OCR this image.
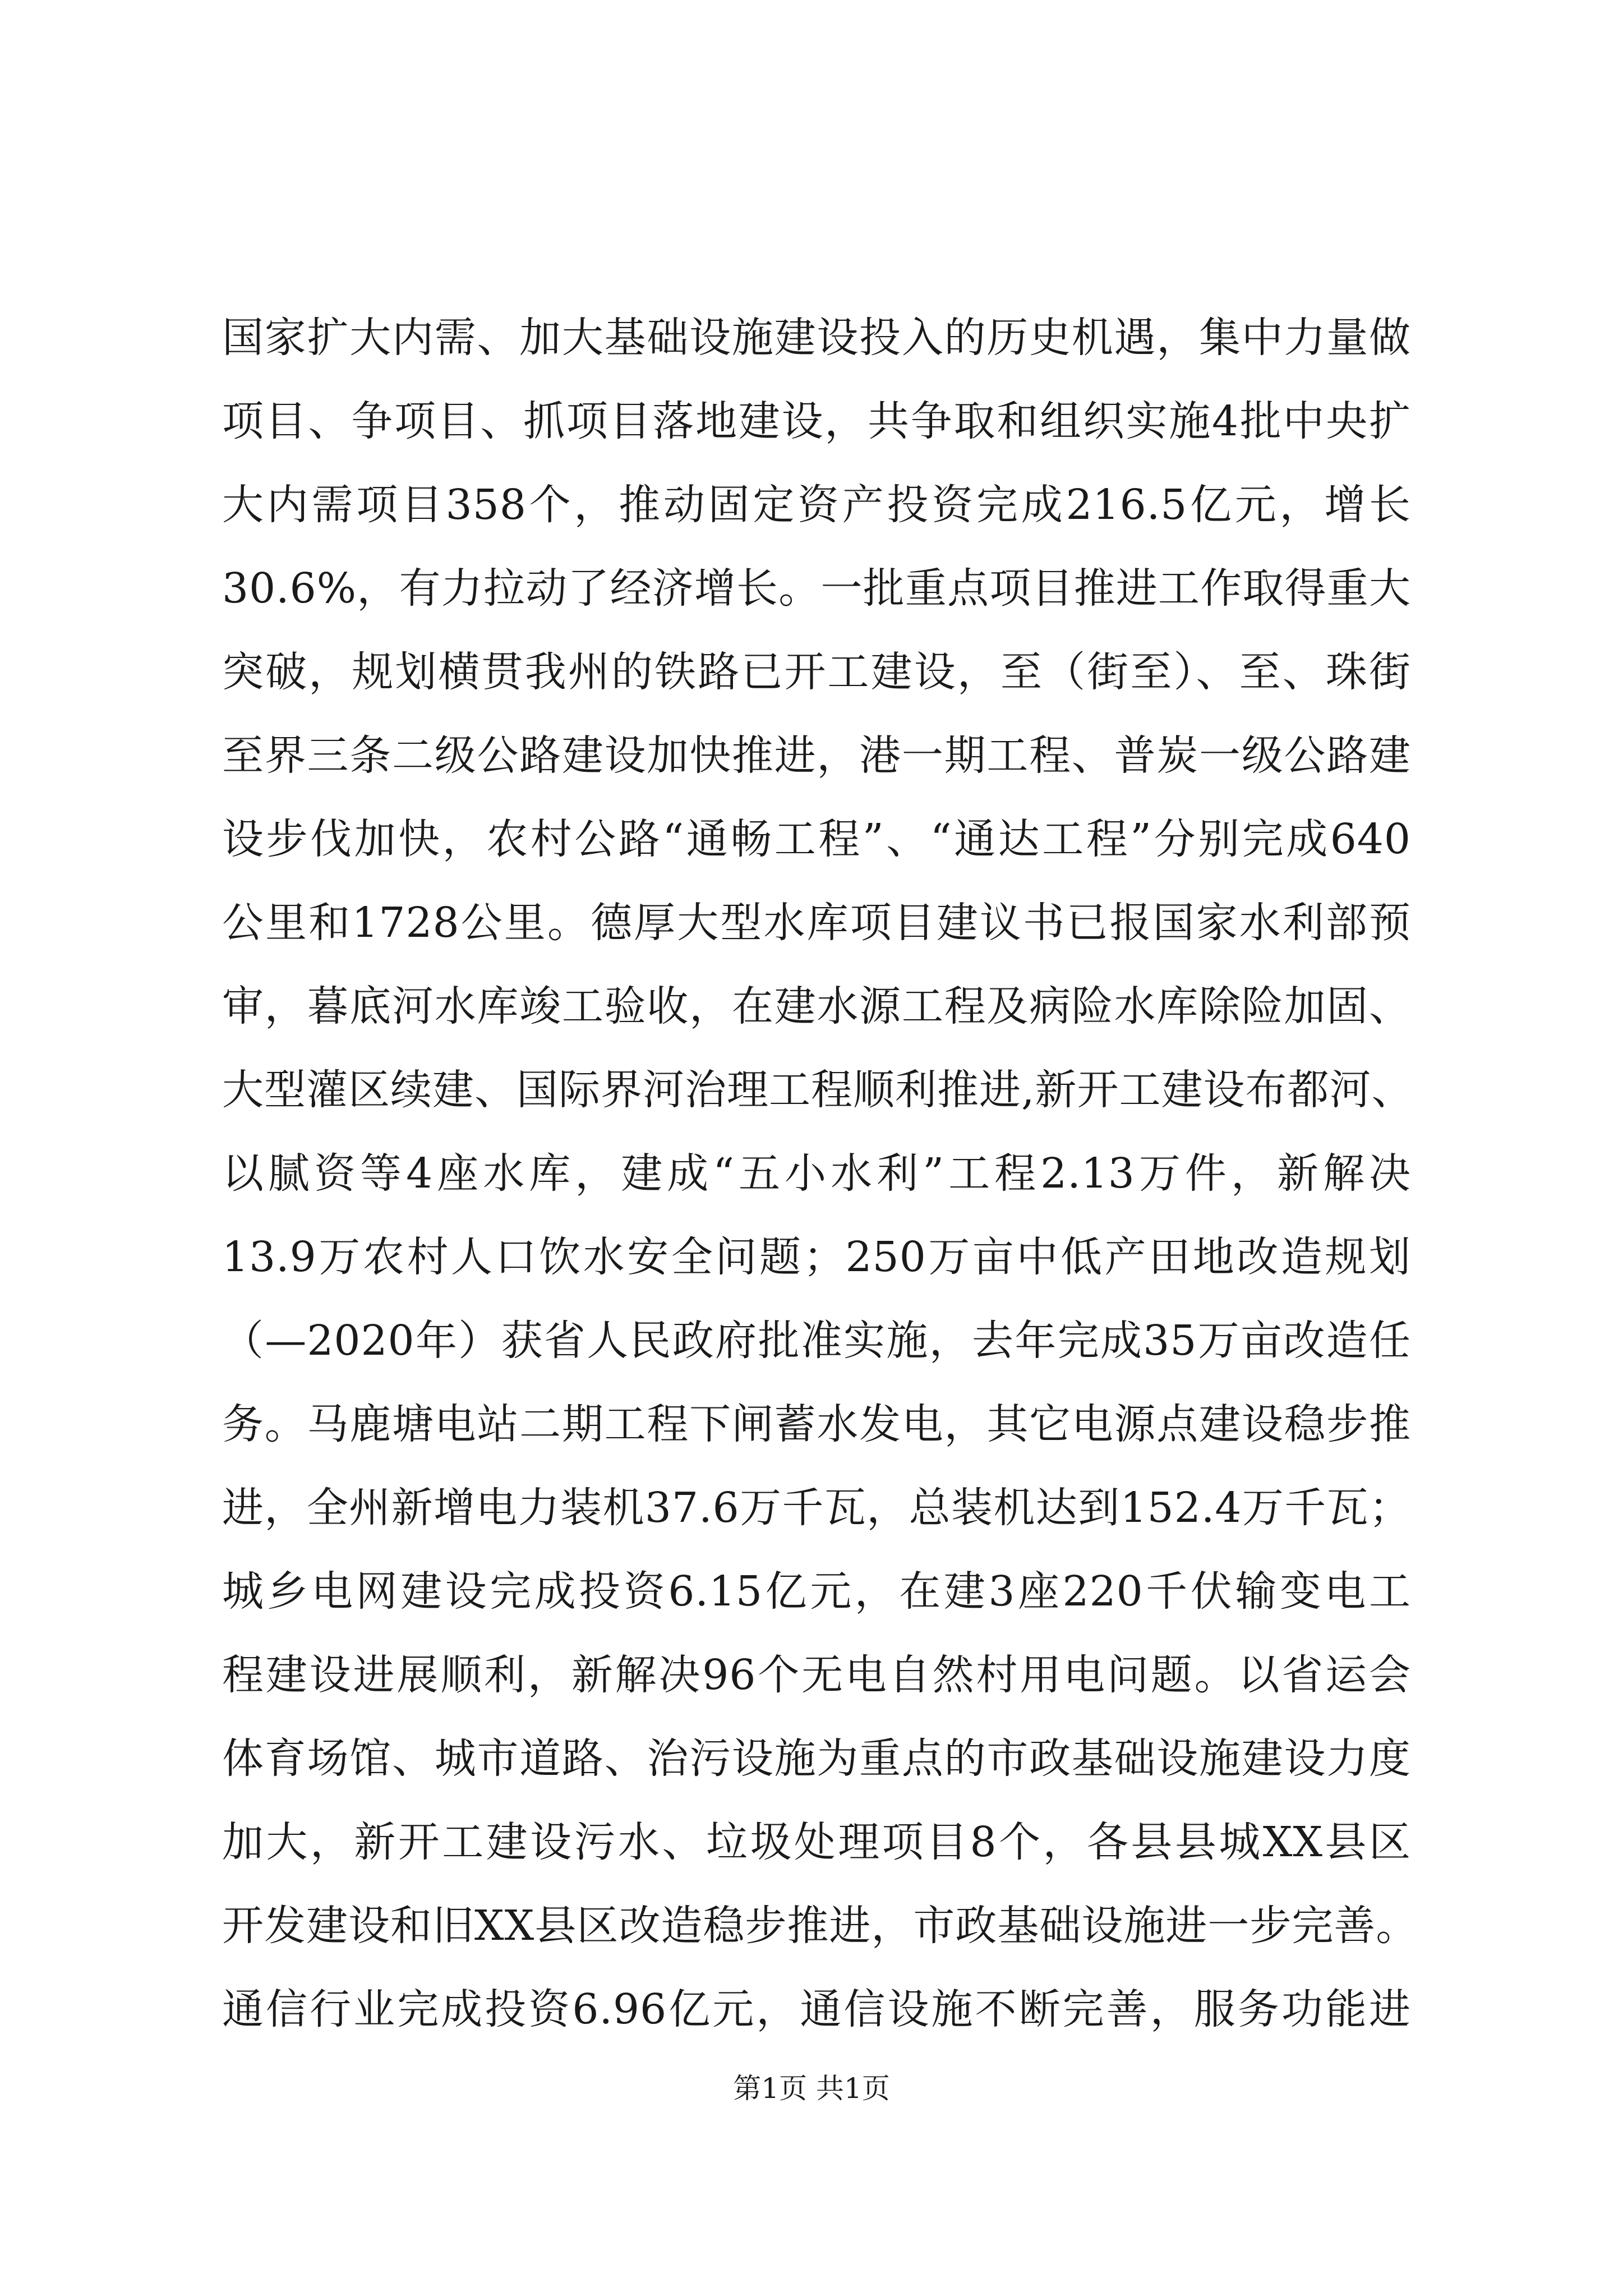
国家扩大内需、加大基础设施建设投入的历史机遇，集中力量做
项目、争项目、抓项目落地建设，共争取和组织实施4批中央扩
大内需项目358个，推动固定资产投资完成216.5亿元，增长
30.6%，有力拉动了经济增长。一批重点项目推进工作取得重大
突破，规划横贯我州的铁路已开工建设，至（街至）、至、珠街
至界三条二级公路建设加快推进，港一期工程、普炭一级公路建
设步伐加快，农村公路“通畅工程”、“通达工程”分别完成640
公里和1728公里。德厚大型水库项目建议书已报国家水利部预
审，暮底河水库竣工验收，在建水源工程及病险水库除险加固、
大型灌区续建、国际界河治理工程顺利推进,新开工建设布都河、
以腻资等4座水库，建成“五小水利”工程2.13万件，新解决
13.9万农村人口饮水安全问题；250万亩中低产田地改造规划
（—2020年）获省人民政府批准实施，去年完成35万亩改造任
务。马鹿塘电站二期工程下闸蓄水发电，其它电源点建设稳步推
进，全州新增电力装机37.6万千瓦，总装机达到152.4万千瓦；
城乡电网建设完成投资6.15亿元，在建3座220千伏输变电工
程建设进展顺利，新解决96个无电自然村用电问题。以省运会
体育场馆、城市道路、治污设施为重点的市政基础设施建设力度
加大，新开工建设污水、垃圾处理项目8个，各县县城XX县区
开发建设和旧XX县区改造稳步推进，市政基础设施进一步完善。
通信行业完成投资6.96亿元，通信设施不断完善，服务功能进
第1页 共1页
